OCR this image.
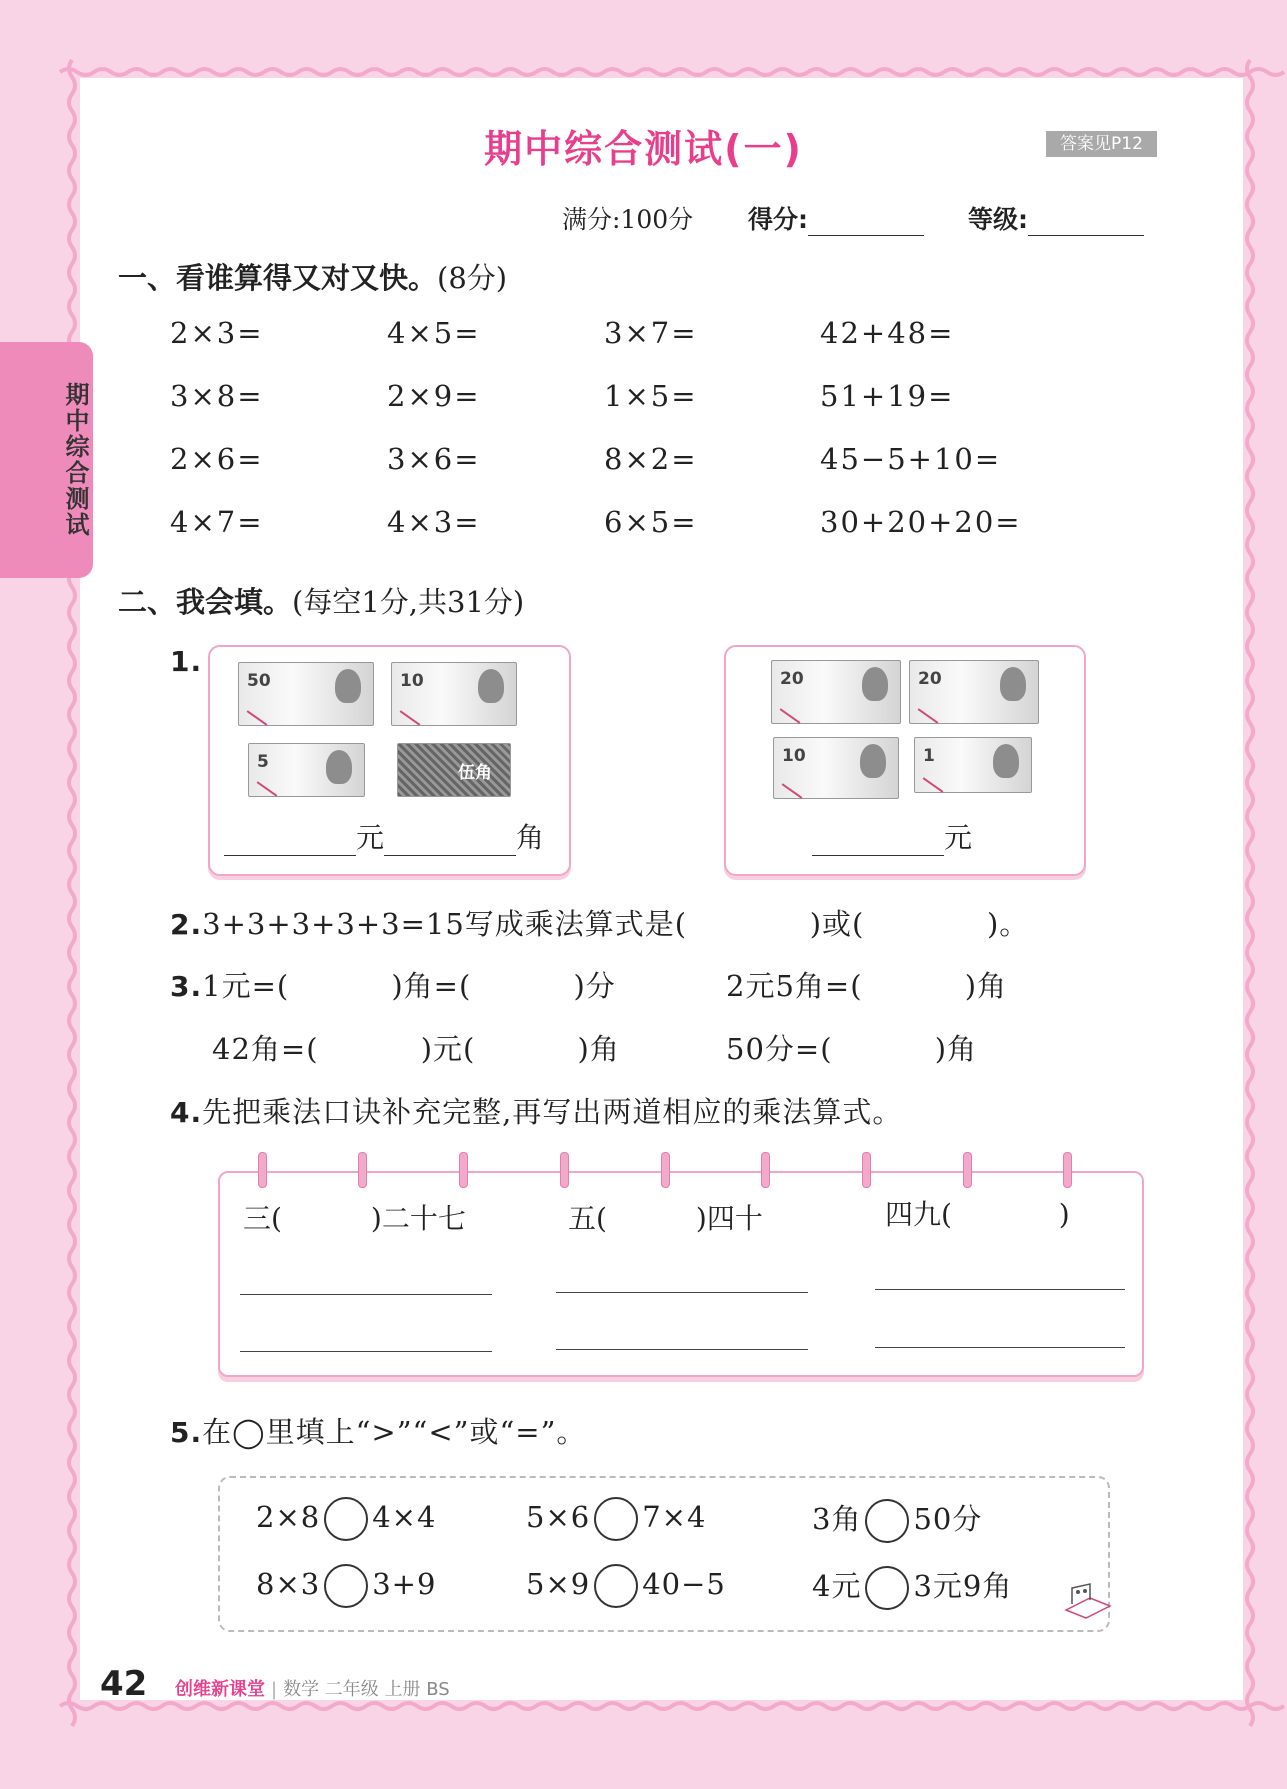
期中综合测试(一)	答案见P12
满分:100分 得分:	等级:
期中综合测试
一、看谁算得又对又快。(8分)
2×3=	4×5=	3×7=	42+48=
3×8=	2×9=	1×5=	51+19=
2×6=	3×6=	8×2=	45−5+10=
4×7=	4×3=	6×5=	30+20+20=
二、我会填。(每空1分,共31分)
1.
50	10
5
伍角
元	角
20	20
10	1
元
2.3+3+3+3+3=15写成乘法算式是(            )或(            )。
3.1元=(          )角=(          )分	2元5角=(          )角
42角=(          )元(          )角	50分=(          )角
4.先把乘法口诀补充完整,再写出两道相应的乘法算式。
三(          )二十七	五(          )四十	四九(            )
5.在◯里填上“>”“<”或“=”。
2×8 4×4	5×6 7×4	3角 50分
8×3 3+9	5×9 40−5	4元 3元9角
42 创维新课堂 | 数学 二年级 上册 BS
